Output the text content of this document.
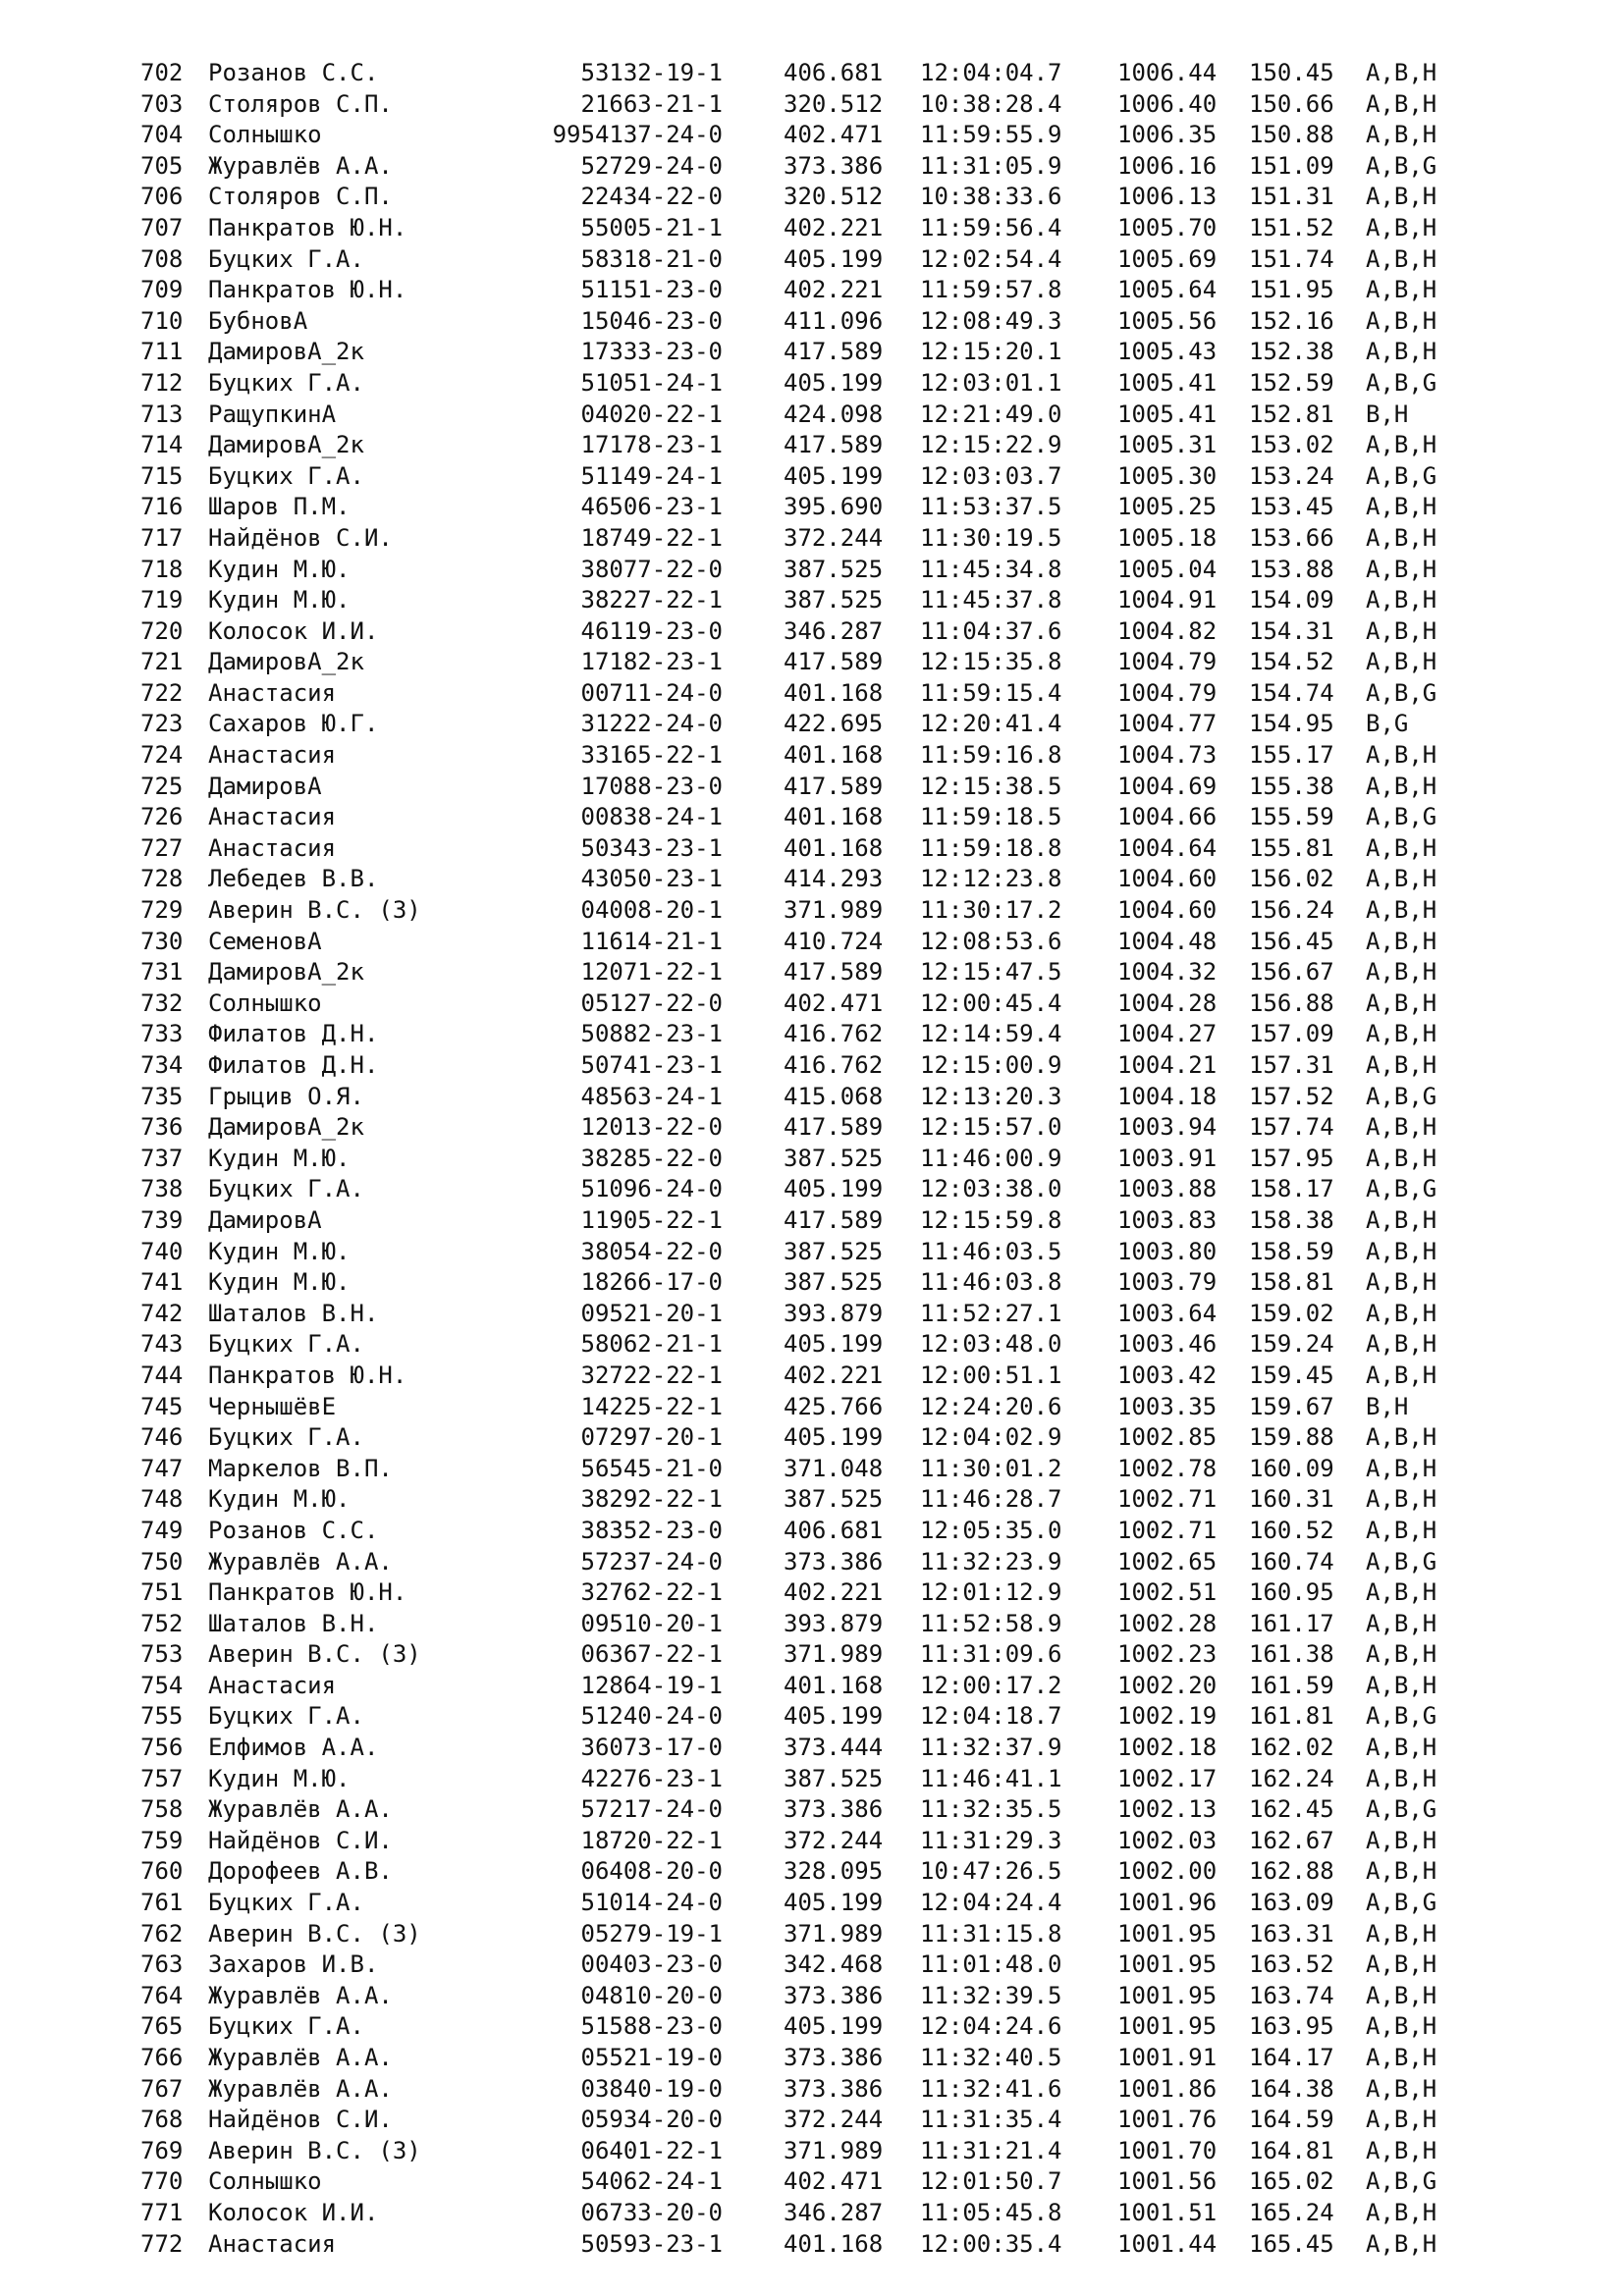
702 Розанов С.С.	53132-19-1	406.681 12:04:04.7 1006.44 150.45 A,B,H
703 Столяров С.П.	21663-21-1	320.512 10:38:28.4 1006.40 150.66 A,B,H
704 Солнышко	9954137-24-0	402.471 11:59:55.9 1006.35 150.88 A,B,H
705 Журавлёв А.А.	52729-24-0	373.386 11:31:05.9 1006.16 151.09 A,B,G
706 Столяров С.П.	22434-22-0	320.512 10:38:33.6 1006.13 151.31 A,B,H
707 Панкратов Ю.Н.	55005-21-1	402.221 11:59:56.4 1005.70 151.52 A,B,H
708 Буцких Г.А.	58318-21-0	405.199 12:02:54.4 1005.69 151.74 A,B,H
709 Панкратов Ю.Н.	51151-23-0	402.221 11:59:57.8 1005.64 151.95 A,B,H
710 БубновА	15046-23-0	411.096 12:08:49.3 1005.56 152.16 A,B,H
711 ДамировА_2к	17333-23-0	417.589 12:15:20.1 1005.43 152.38 A,B,H
712 Буцких Г.А.	51051-24-1	405.199 12:03:01.1 1005.41 152.59 A,B,G
713 РащупкинА	04020-22-1	424.098 12:21:49.0 1005.41 152.81 B,H
714 ДамировА_2к	17178-23-1	417.589 12:15:22.9 1005.31 153.02 A,B,H
715 Буцких Г.А.	51149-24-1	405.199 12:03:03.7 1005.30 153.24 A,B,G
716 Шаров П.М.	46506-23-1	395.690 11:53:37.5 1005.25 153.45 A,B,H
717 Найдёнов С.И.	18749-22-1	372.244 11:30:19.5 1005.18 153.66 A,B,H
718 Кудин М.Ю.	38077-22-0	387.525 11:45:34.8 1005.04 153.88 A,B,H
719 Кудин М.Ю.	38227-22-1	387.525 11:45:37.8 1004.91 154.09 A,B,H
720 Колосок И.И.	46119-23-0	346.287 11:04:37.6 1004.82 154.31 A,B,H
721 ДамировА_2к	17182-23-1	417.589 12:15:35.8 1004.79 154.52 A,B,H
722 Анастасия	00711-24-0	401.168 11:59:15.4 1004.79 154.74 A,B,G
723 Сахаров Ю.Г.	31222-24-0	422.695 12:20:41.4 1004.77 154.95 B,G
724 Анастасия	33165-22-1	401.168 11:59:16.8 1004.73 155.17 A,B,H
725 ДамировА	17088-23-0	417.589 12:15:38.5 1004.69 155.38 A,B,H
726 Анастасия	00838-24-1	401.168 11:59:18.5 1004.66 155.59 A,B,G
727 Анастасия	50343-23-1	401.168 11:59:18.8 1004.64 155.81 A,B,H
728 Лебедев В.В.	43050-23-1	414.293 12:12:23.8 1004.60 156.02 A,B,H
729 Аверин В.С. (З)	04008-20-1	371.989 11:30:17.2 1004.60 156.24 A,B,H
730 СеменовА	11614-21-1	410.724 12:08:53.6 1004.48 156.45 A,B,H
731 ДамировА_2к	12071-22-1	417.589 12:15:47.5 1004.32 156.67 A,B,H
732 Солнышко	05127-22-0	402.471 12:00:45.4 1004.28 156.88 A,B,H
733 Филатов Д.Н.	50882-23-1	416.762 12:14:59.4 1004.27 157.09 A,B,H
734 Филатов Д.Н.	50741-23-1	416.762 12:15:00.9 1004.21 157.31 A,B,H
735 Грыцив О.Я.	48563-24-1	415.068 12:13:20.3 1004.18 157.52 A,B,G
736 ДамировА_2к	12013-22-0	417.589 12:15:57.0 1003.94 157.74 A,B,H
737 Кудин М.Ю.	38285-22-0	387.525 11:46:00.9 1003.91 157.95 A,B,H
738 Буцких Г.А.	51096-24-0	405.199 12:03:38.0 1003.88 158.17 A,B,G
739 ДамировА	11905-22-1	417.589 12:15:59.8 1003.83 158.38 A,B,H
740 Кудин М.Ю.	38054-22-0	387.525 11:46:03.5 1003.80 158.59 A,B,H
741 Кудин М.Ю.	18266-17-0	387.525 11:46:03.8 1003.79 158.81 A,B,H
742 Шаталов В.Н.	09521-20-1	393.879 11:52:27.1 1003.64 159.02 A,B,H
743 Буцких Г.А.	58062-21-1	405.199 12:03:48.0 1003.46 159.24 A,B,H
744 Панкратов Ю.Н.	32722-22-1	402.221 12:00:51.1 1003.42 159.45 A,B,H
745 ЧернышёвЕ	14225-22-1	425.766 12:24:20.6 1003.35 159.67 B,H
746 Буцких Г.А.	07297-20-1	405.199 12:04:02.9 1002.85 159.88 A,B,H
747 Маркелов В.П.	56545-21-0	371.048 11:30:01.2 1002.78 160.09 A,B,H
748 Кудин М.Ю.	38292-22-1	387.525 11:46:28.7 1002.71 160.31 A,B,H
749 Розанов С.С.	38352-23-0	406.681 12:05:35.0 1002.71 160.52 A,B,H
750 Журавлёв А.А.	57237-24-0	373.386 11:32:23.9 1002.65 160.74 A,B,G
751 Панкратов Ю.Н.	32762-22-1	402.221 12:01:12.9 1002.51 160.95 A,B,H
752 Шаталов В.Н.	09510-20-1	393.879 11:52:58.9 1002.28 161.17 A,B,H
753 Аверин В.С. (З)	06367-22-1	371.989 11:31:09.6 1002.23 161.38 A,B,H
754 Анастасия	12864-19-1	401.168 12:00:17.2 1002.20 161.59 A,B,H
755 Буцких Г.А.	51240-24-0	405.199 12:04:18.7 1002.19 161.81 A,B,G
756 Елфимов А.А.	36073-17-0	373.444 11:32:37.9 1002.18 162.02 A,B,H
757 Кудин М.Ю.	42276-23-1	387.525 11:46:41.1 1002.17 162.24 A,B,H
758 Журавлёв А.А.	57217-24-0	373.386 11:32:35.5 1002.13 162.45 A,B,G
759 Найдёнов С.И.	18720-22-1	372.244 11:31:29.3 1002.03 162.67 A,B,H
760 Дорофеев А.В.	06408-20-0	328.095 10:47:26.5 1002.00 162.88 A,B,H
761 Буцких Г.А.	51014-24-0	405.199 12:04:24.4 1001.96 163.09 A,B,G
762 Аверин В.С. (З)	05279-19-1	371.989 11:31:15.8 1001.95 163.31 A,B,H
763 Захаров И.В.	00403-23-0	342.468 11:01:48.0 1001.95 163.52 A,B,H
764 Журавлёв А.А.	04810-20-0	373.386 11:32:39.5 1001.95 163.74 A,B,H
765 Буцких Г.А.	51588-23-0	405.199 12:04:24.6 1001.95 163.95 A,B,H
766 Журавлёв А.А.	05521-19-0	373.386 11:32:40.5 1001.91 164.17 A,B,H
767 Журавлёв А.А.	03840-19-0	373.386 11:32:41.6 1001.86 164.38 A,B,H
768 Найдёнов С.И.	05934-20-0	372.244 11:31:35.4 1001.76 164.59 A,B,H
769 Аверин В.С. (З)	06401-22-1	371.989 11:31:21.4 1001.70 164.81 A,B,H
770 Солнышко	54062-24-1	402.471 12:01:50.7 1001.56 165.02 A,B,G
771 Колосок И.И.	06733-20-0	346.287 11:05:45.8 1001.51 165.24 A,B,H
772 Анастасия	50593-23-1	401.168 12:00:35.4 1001.44 165.45 A,B,H
